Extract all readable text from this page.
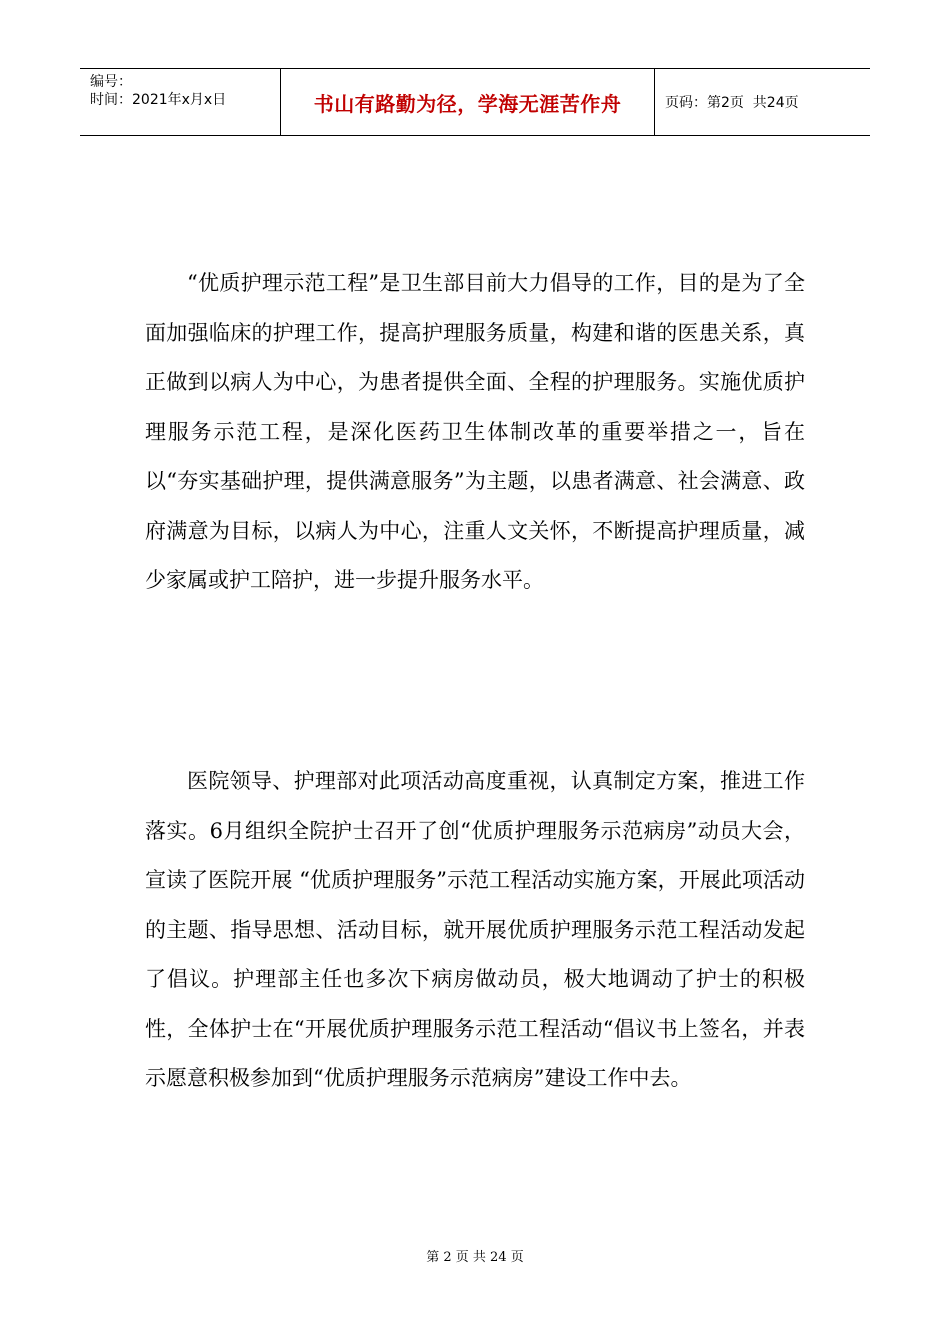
编号：
时间：2021年x月x日	书山有路勤为径，学海无涯苦作舟	页码：第2页  共24页

“优质护理示范工程”是卫生部目前大力倡导的工作，目的是为了全面加强临床的护理工作，提高护理服务质量，构建和谐的医患关系，真正做到以病人为中心，为患者提供全面、全程的护理服务。实施优质护理服务示范工程，是深化医药卫生体制改革的重要举措之一，旨在以“夯实基础护理，提供满意服务”为主题，以患者满意、社会满意、政府满意为目标，以病人为中心，注重人文关怀，不断提高护理质量，减少家属或护工陪护，进一步提升服务水平。

医院领导、护理部对此项活动高度重视，认真制定方案，推进工作落实。6月组织全院护士召开了创“优质护理服务示范病房”动员大会，宣读了医院开展 “优质护理服务”示范工程活动实施方案，开展此项活动的主题、指导思想、活动目标，就开展优质护理服务示范工程活动发起了倡议。护理部主任也多次下病房做动员，极大地调动了护士的积极性，全体护士在“开展优质护理服务示范工程活动“倡议书上签名，并表示愿意积极参加到“优质护理服务示范病房”建设工作中去。

第 2 页 共 24 页
